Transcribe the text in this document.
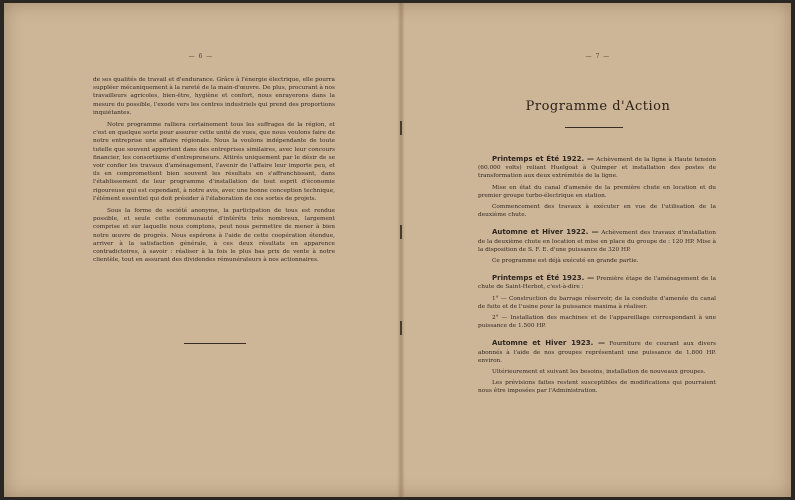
— 6 —

de ses qualités de travail et d'endurance. Grâce à l'énergie électrique, elle pourra suppléer mécaniquement à la rareté de la main-d'œuvre. De plus, procurant à nos travailleurs agricoles, bien-être, hygiène et confort, nous enrayerons dans la mesure du possible, l'exode vers les centres industriels qui prend des proportions inquiétantes.

Notre programme ralliera certainement tous les suffrages de la région, et c'est en quelque sorte pour assurer cette unité de vues, que nous voulons faire de notre entreprise une affaire régionale. Nous la voulons indépendante de toute tutelle que souvent apportent dans des entreprises similaires, avec leur concours financier, les consortiums d'entrepreneurs. Attirés uniquement par le désir de se voir confier les travaux d'aménagement, l'avenir de l'affaire leur importe peu, et ils en compromettent bien souvent les résultats en s'affranchissant, dans l'établissement de leur programme d'installation de tout esprit d'économie rigoureuse qui est cependant, à notre avis, avec une bonne conception technique, l'élément essentiel qui doit présider à l'élaboration de ces sortes de projets.

Sous la forme de société anonyme, la participation de tous est rendue possible, et seule cette communauté d'intérêts très nombreux, largement comprise et sur laquelle nous comptons, peut nous permettre de mener à bien notre œuvre de progrès. Nous espérons à l'aide de cette coopération étendue, arriver à la satisfaction générale, à ces deux résultats en apparence contradictoires, à savoir : réaliser à la fois le plus bas prix de vente à notre clientèle, tout en assurant des dividendes rémunérateurs à nos actionnaires.

— 7 —
Programme d'Action

Printemps et Été 1922. — Achèvement de la ligne à Haute tension (60.000 volts) reliant Huelgoat à Quimper et installation des postes de transformation aux deux extrémités de la ligne.

Mise en état du canal d'amenée de la première chute en location et du premier groupe turbo-électrique en station.

Commencement des travaux à exécuter en vue de l'utilisation de la deuxième chute.

Automne et Hiver 1922. — Achèvement des travaux d'installation de la deuxième chute en location et mise en place du groupe de : 120 HP. Mise à la disposition de S. F. E. d'une puissance de 320 HP.

Ce programme est déjà exécuté en grande partie.

Printemps et Été 1923. — Première étape de l'aménagement de la chute de Saint-Herbot, c'est-à-dire :

1° — Construction du barrage réservoir, de la conduite d'amenée du canal de fuite et de l'usine pour la puissance maxima à réaliser.

2° — Installation des machines et de l'appareillage correspondant à une puissance de 1.500 HP.

Automne et Hiver 1923. — Fourniture de courant aux divers abonnés à l'aide de nos groupes représentant une puissance de 1.800 HP. environ.

Ultérieurement et suivant les besoins, installation de nouveaux groupes.

Les prévisions faites restent susceptibles de modifications qui pourraient nous être imposées par l'Administration.
